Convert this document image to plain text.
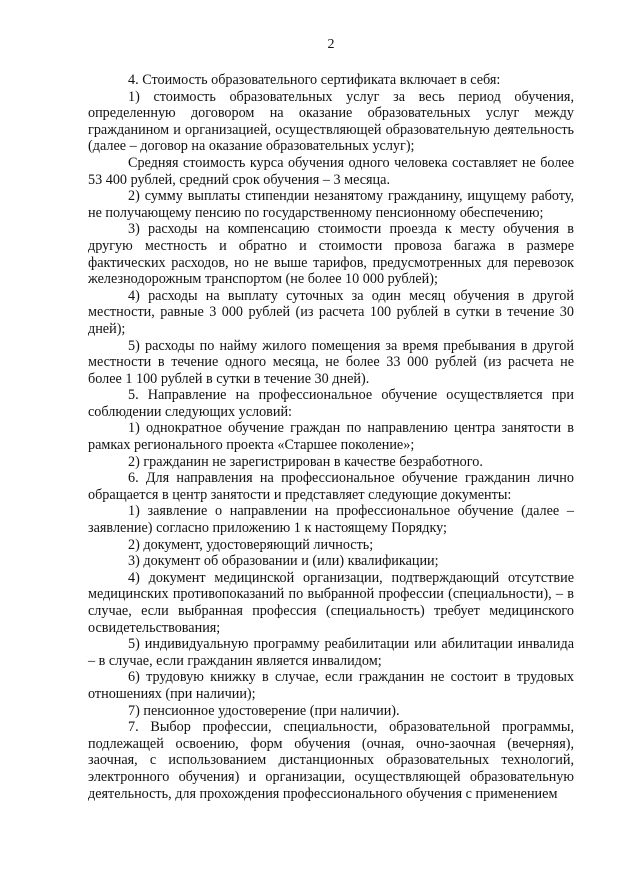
2

4. Стоимость образовательного сертификата включает в себя:

1) стоимость образовательных услуг за весь период обучения, определенную договором на оказание образовательных услуг между гражданином и организацией, осуществляющей образовательную деятельность (далее – договор на оказание образовательных услуг);

Средняя стоимость курса обучения одного человека составляет не более 53 400 рублей, средний срок обучения – 3 месяца.

2) сумму выплаты стипендии незанятому гражданину, ищущему работу, не получающему пенсию по государственному пенсионному обеспечению;

3) расходы на компенсацию стоимости проезда к месту обучения в другую местность и обратно и стоимости провоза багажа в размере фактических расходов, но не выше тарифов, предусмотренных для перевозок железнодорожным транспортом (не более 10 000 рублей);

4) расходы на выплату суточных за один месяц обучения в другой местности, равные 3 000 рублей (из расчета 100 рублей в сутки в течение 30 дней);

5) расходы по найму жилого помещения за время пребывания в другой местности в течение одного месяца, не более 33 000 рублей (из расчета не более 1 100 рублей в сутки в течение 30 дней).

5. Направление на профессиональное обучение осуществляется при соблюдении следующих условий:

1) однократное обучение граждан по направлению центра занятости в рамках регионального проекта «Старшее поколение»;

2) гражданин не зарегистрирован в качестве безработного.

6. Для направления на профессиональное обучение гражданин лично обращается в центр занятости и представляет следующие документы:

1) заявление о направлении на профессиональное обучение (далее – заявление) согласно приложению 1 к настоящему Порядку;

2) документ, удостоверяющий личность;

3) документ об образовании и (или) квалификации;

4) документ медицинской организации, подтверждающий отсутствие медицинских противопоказаний по выбранной профессии (специальности), – в случае, если выбранная профессия (специальность) требует медицинского освидетельствования;

5) индивидуальную программу реабилитации или абилитации инвалида – в случае, если гражданин является инвалидом;

6) трудовую книжку в случае, если гражданин не состоит в трудовых отношениях (при наличии);

7) пенсионное удостоверение (при наличии).

7. Выбор профессии, специальности, образовательной программы, подлежащей освоению, форм обучения (очная, очно-заочная (вечерняя), заочная, с использованием дистанционных образовательных технологий, электронного обучения) и организации, осуществляющей образовательную деятельность, для прохождения профессионального обучения с применением
